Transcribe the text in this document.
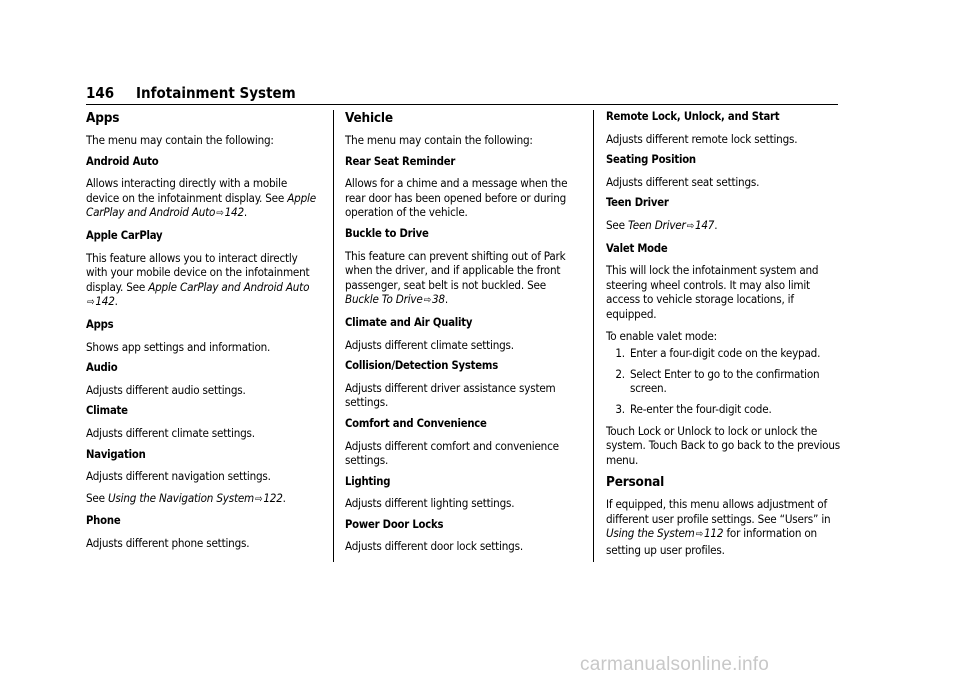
146 Infotainment System
Apps

The menu may contain the following:

Android Auto

Allows interacting directly with a mobile device on the infotainment display. See Apple CarPlay and Android Auto⇨142.

Apple CarPlay

This feature allows you to interact directly with your mobile device on the infotainment display. See Apple CarPlay and Android Auto
⇨142.

Apps

Shows app settings and information.

Audio

Adjusts different audio settings.

Climate

Adjusts different climate settings.

Navigation

Adjusts different navigation settings.

See Using the Navigation System⇨122.

Phone

Adjusts different phone settings.

Vehicle

The menu may contain the following:

Rear Seat Reminder

Allows for a chime and a message when the rear door has been opened before or during operation of the vehicle.

Buckle to Drive

This feature can prevent shifting out of Park when the driver, and if applicable the front passenger, seat belt is not buckled. See
Buckle To Drive⇨38.

Climate and Air Quality

Adjusts different climate settings.

Collision/Detection Systems

Adjusts different driver assistance system settings.

Comfort and Convenience

Adjusts different comfort and convenience settings.

Lighting

Adjusts different lighting settings.

Power Door Locks

Adjusts different door lock settings.

Remote Lock, Unlock, and Start

Adjusts different remote lock settings.

Seating Position

Adjusts different seat settings.

Teen Driver

See Teen Driver⇨147.

Valet Mode

This will lock the infotainment system and steering wheel controls. It may also limit access to vehicle storage locations, if equipped.

To enable valet mode:

1. Enter a four-digit code on the keypad.
2. Select Enter to go to the confirmation screen.
3. Re-enter the four-digit code.

Touch Lock or Unlock to lock or unlock the system. Touch Back to go back to the previous menu.

Personal

If equipped, this menu allows adjustment of different user profile settings. See “Users” in Using the System⇨112 for information on setting up user profiles.

carmanualsonline.info
